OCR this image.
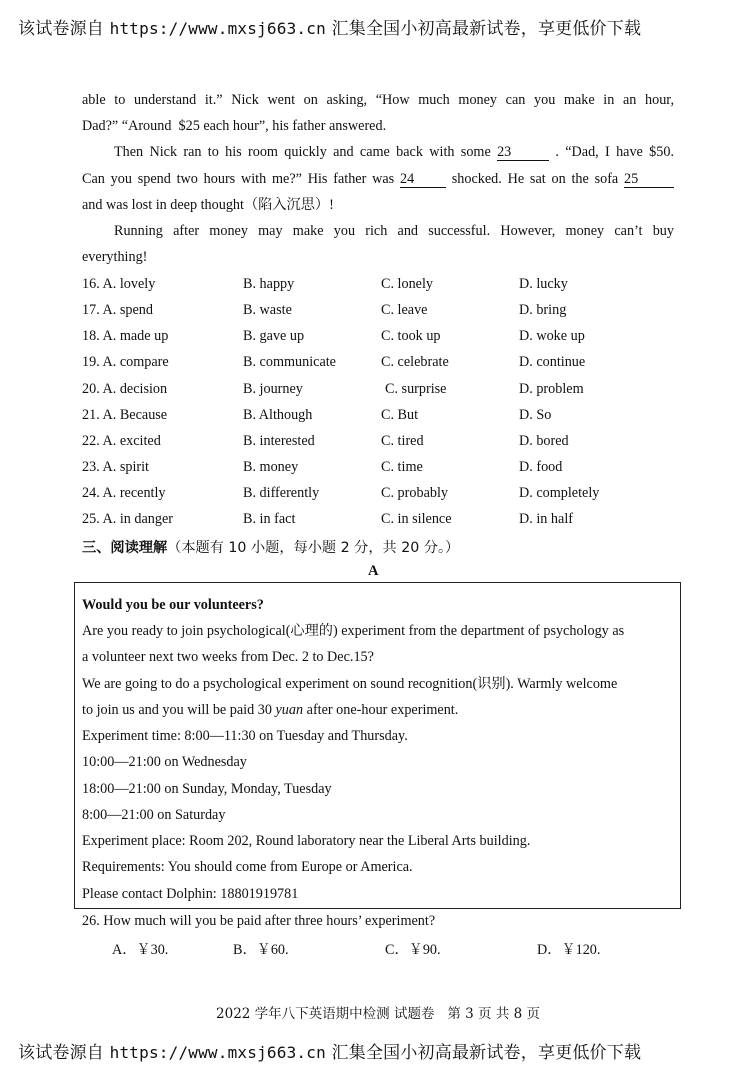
该试卷源自 https://www.mxsj663.cn 汇集全国小初高最新试卷，享更低价下载
able to understand it.” Nick went on asking, “How much money can you make in an hour,
Dad?” “Around  $25 each hour”, his father answered.
Then Nick ran to his room quickly and came back with some 23	. “Dad, I have $50.
Can you spend two hours with me?” His father was 24	shocked. He sat on the sofa 25
and was lost in deep thought（陷入沉思）!
Running after money may make you rich and successful. However, money can’t buy
everything!
16. A. lovely	B. happy	C. lonely	D. lucky
17. A. spend	B. waste	C. leave	D. bring
18. A. made up	B. gave up	C. took up	D. woke up
19. A. compare	B. communicate	C. celebrate	D. continue
20. A. decision	B. journey	C. surprise	D. problem
21. A. Because	B. Although	C. But	D. So
22. A. excited	B. interested	C. tired	D. bored
23. A. spirit	B. money	C. time	D. food
24. A. recently	B. differently	C. probably	D. completely
25. A. in danger	B. in fact	C. in silence	D. in half
三、阅读理解（本题有 10 小题，每小题 2 分，共 20 分。）
A
Would you be our volunteers?
Are you ready to join psychological(心理的) experiment from the department of psychology as
a volunteer next two weeks from Dec. 2 to Dec.15?
We are going to do a psychological experiment on sound recognition(识别). Warmly welcome
to join us and you will be paid 30 yuan after one-hour experiment.
Experiment time: 8:00—11:30 on Tuesday and Thursday.
10:00—21:00 on Wednesday
18:00—21:00 on Sunday, Monday, Tuesday
8:00—21:00 on Saturday
Experiment place: Room 202, Round laboratory near the Liberal Arts building.
Requirements: You should come from Europe or America.
Please contact Dolphin: 18801919781
26. How much will you be paid after three hours’ experiment?
A．￥30.	B．￥60.	C．￥90.	D．￥120.
2022 学年八下英语期中检测 试题卷 第 3 页 共 8 页
该试卷源自 https://www.mxsj663.cn 汇集全国小初高最新试卷，享更低价下载
